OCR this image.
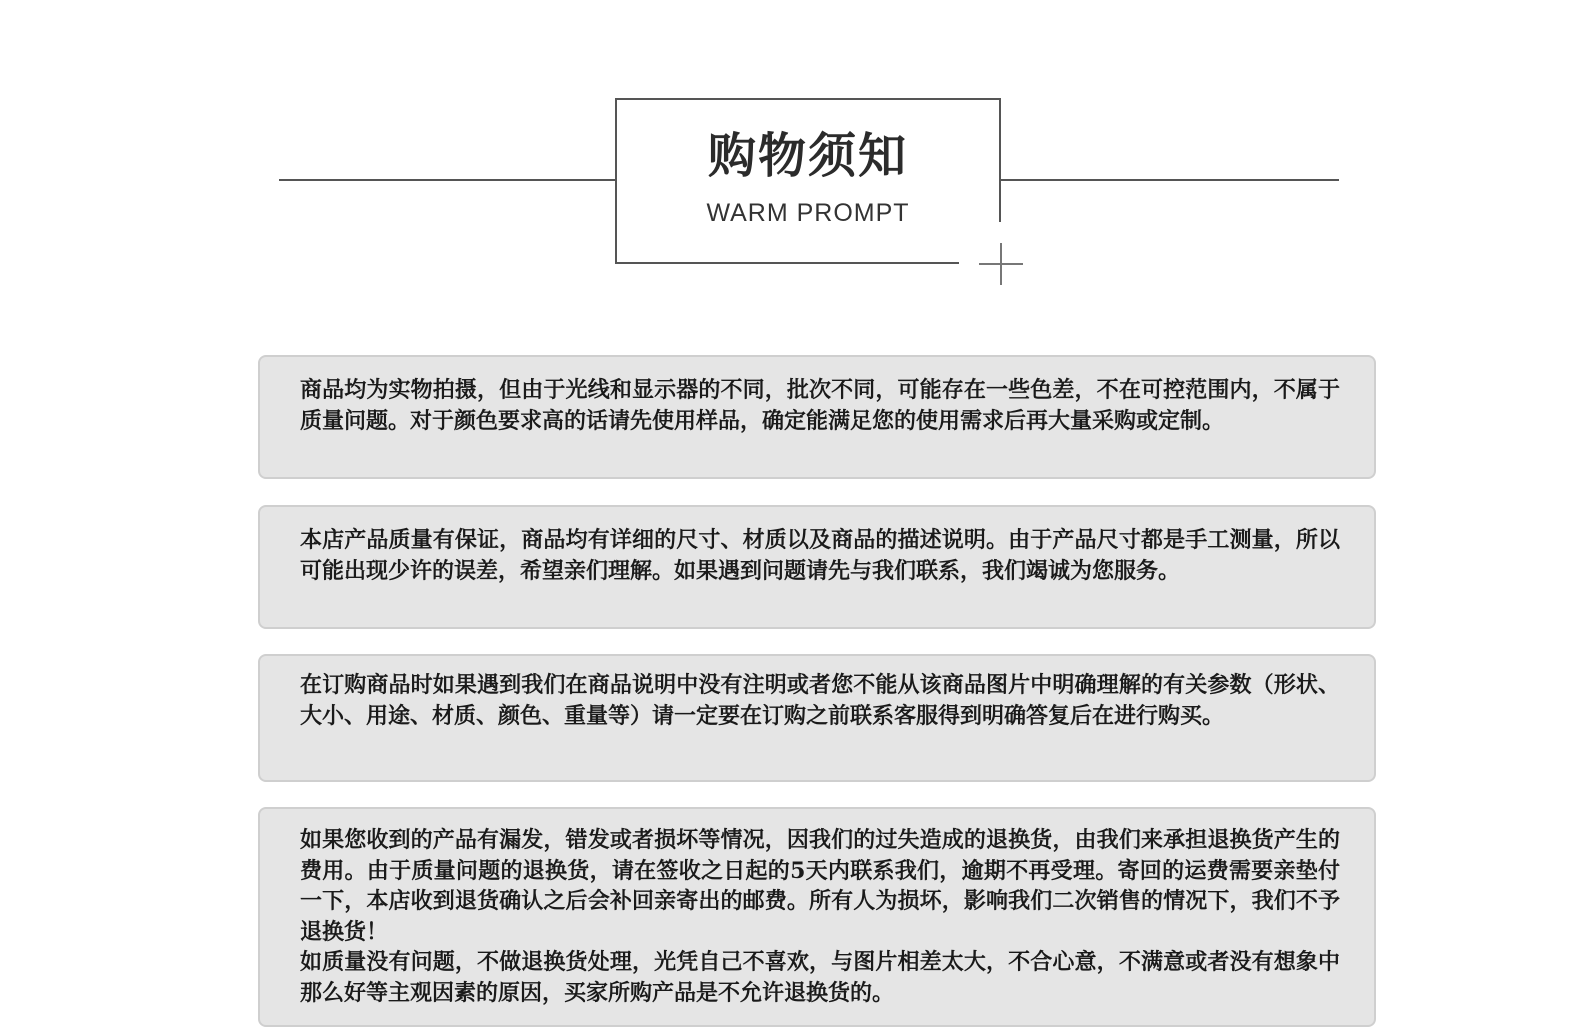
购物须知
WARM PROMPT

商品均为实物拍摄，但由于光线和显示器的不同，批次不同，可能存在一些色差，不在可控范围内，不属于质量问题。对于颜色要求高的话请先使用样品，确定能满足您的使用需求后再大量采购或定制。

本店产品质量有保证，商品均有详细的尺寸、材质以及商品的描述说明。由于产品尺寸都是手工测量，所以可能出现少许的误差，希望亲们理解。如果遇到问题请先与我们联系，我们竭诚为您服务。

在订购商品时如果遇到我们在商品说明中没有注明或者您不能从该商品图片中明确理解的有关参数（形状、大小、用途、材质、颜色、重量等）请一定要在订购之前联系客服得到明确答复后在进行购买。

如果您收到的产品有漏发，错发或者损坏等情况，因我们的过失造成的退换货，由我们来承担退换货产生的费用。由于质量问题的退换货，请在签收之日起的5天内联系我们，逾期不再受理。寄回的运费需要亲垫付一下，本店收到退货确认之后会补回亲寄出的邮费。所有人为损坏，影响我们二次销售的情况下，我们不予退换货！
如质量没有问题，不做退换货处理，光凭自己不喜欢，与图片相差太大，不合心意，不满意或者没有想象中那么好等主观因素的原因，买家所购产品是不允许退换货的。
